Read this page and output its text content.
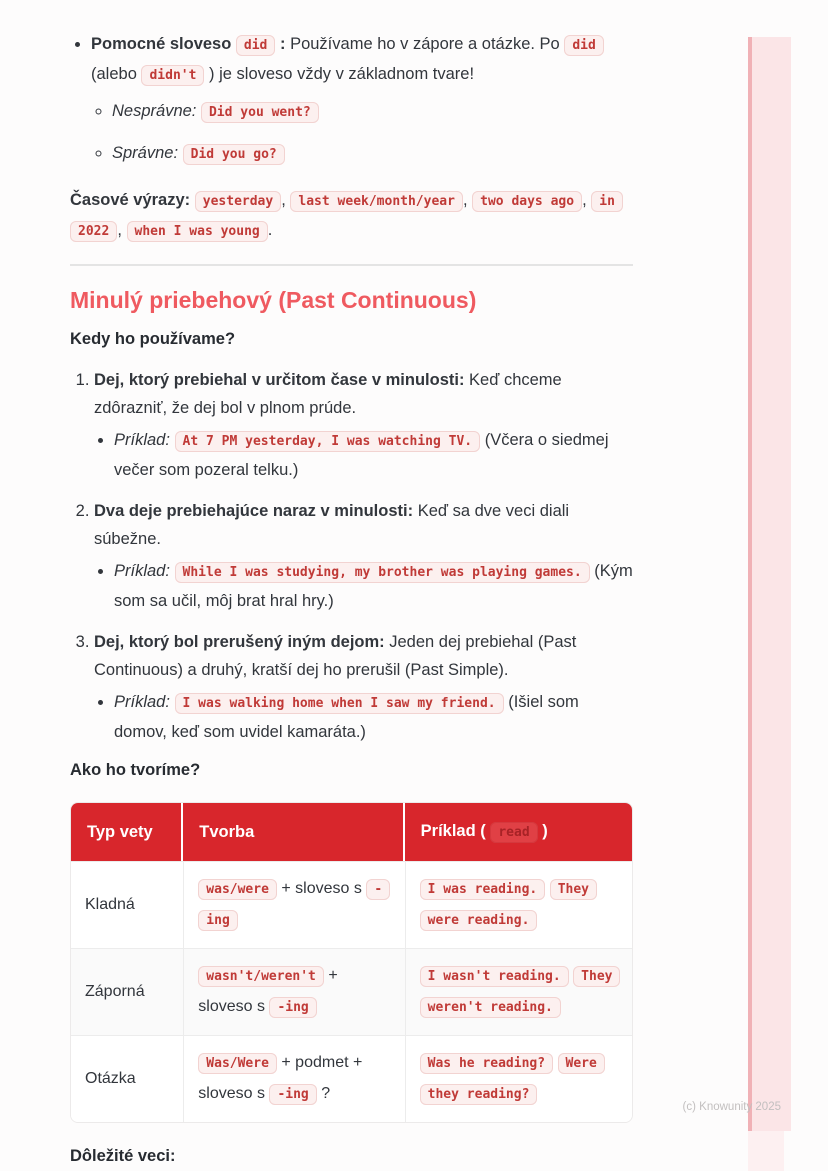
(c) Knowunity 2025
• Pomocné sloveso did : Používame ho v zápore a otázke. Po did (alebo didn't ) je sloveso vždy v základnom tvare!
◦ Nesprávne: Did you went?
◦ Správne: Did you go?

Časové výrazy: yesterday , last week/month/year , two days ago , in 2022 , when I was young .

Minulý priebehový (Past Continuous)
Kedy ho používame?
1. Dej, ktorý prebiehal v určitom čase v minulosti: Keď chceme zdôrazniť, že dej bol v plnom prúde.
• Príklad: At 7 PM yesterday, I was watching TV. (Včera o siedmej večer som pozeral telku.)
2. Dva deje prebiehajúce naraz v minulosti: Keď sa dve veci diali súbežne.
• Príklad: While I was studying, my brother was playing games. (Kým som sa učil, môj brat hral hry.)
3. Dej, ktorý bol prerušený iným dejom: Jeden dej prebiehal (Past Continuous) a druhý, kratší dej ho prerušil (Past Simple).
• Príklad: I was walking home when I saw my friend. (Išiel som domov, keď som uvidel kamaráta.)
Ako ho tvoríme?
Typ vety	Tvorba	Príklad ( read )
Kladná	was/were + sloveso s -ing	I was reading. They were reading.
Záporná	wasn't/weren't + sloveso s -ing	I wasn't reading. They weren't reading.
Otázka	Was/Were + podmet + sloveso s -ing ?	Was he reading? Were they reading?
Dôležité veci:
